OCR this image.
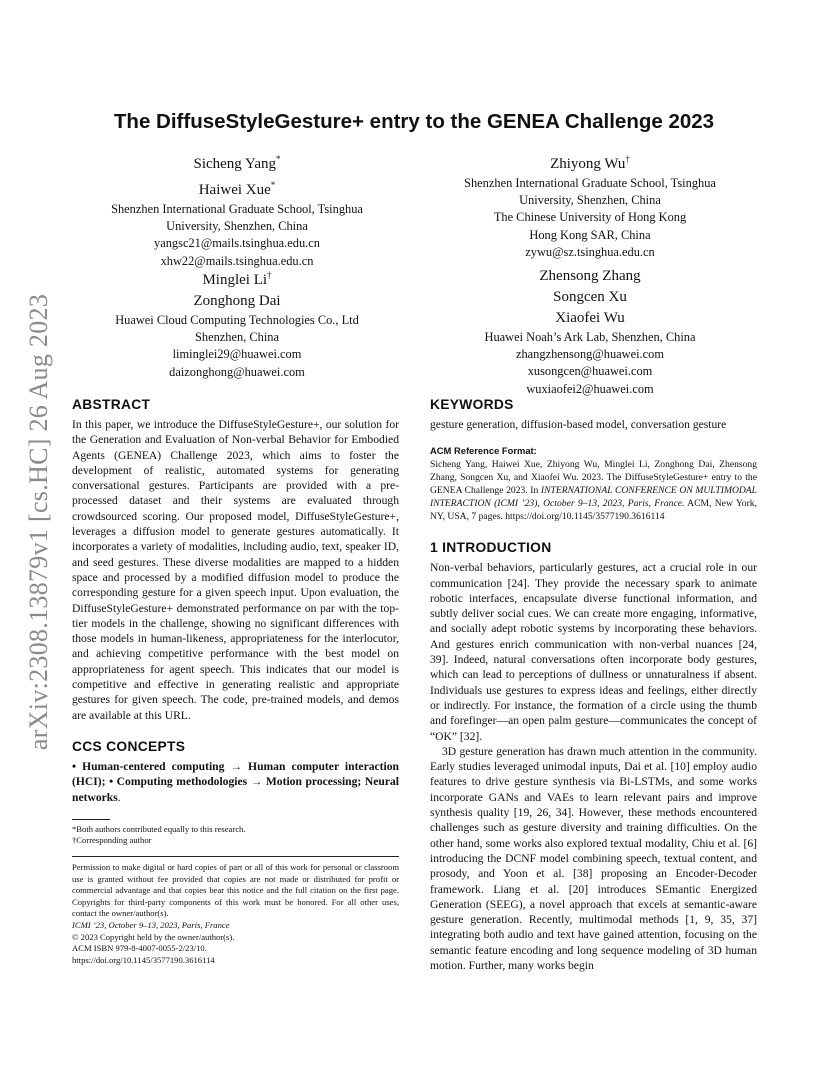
The DiffuseStyleGesture+ entry to the GENEA Challenge 2023
arXiv:2308.13879v1 [cs.HC] 26 Aug 2023
Sicheng Yang*
Haiwei Xue*
Shenzhen International Graduate School, Tsinghua
University, Shenzhen, China
yangsc21@mails.tsinghua.edu.cn
xhw22@mails.tsinghua.edu.cn
Minglei Li†
Zonghong Dai
Huawei Cloud Computing Technologies Co., Ltd
Shenzhen, China
liminglei29@huawei.com
daizonghong@huawei.com
Zhiyong Wu†
Shenzhen International Graduate School, Tsinghua
University, Shenzhen, China
The Chinese University of Hong Kong
Hong Kong SAR, China
zywu@sz.tsinghua.edu.cn
Zhensong Zhang
Songcen Xu
Xiaofei Wu
Huawei Noah’s Ark Lab, Shenzhen, China
zhangzhensong@huawei.com
xusongcen@huawei.com
wuxiaofei2@huawei.com
ABSTRACT

In this paper, we introduce the DiffuseStyleGesture+, our solution for the Generation and Evaluation of Non-verbal Behavior for Embodied Agents (GENEA) Challenge 2023, which aims to foster the development of realistic, automated systems for generating conversational gestures. Participants are provided with a pre-processed dataset and their systems are evaluated through crowdsourced scoring. Our proposed model, DiffuseStyleGesture+, leverages a diffusion model to generate gestures automatically. It incorporates a variety of modalities, including audio, text, speaker ID, and seed gestures. These diverse modalities are mapped to a hidden space and processed by a modified diffusion model to produce the corresponding gesture for a given speech input. Upon evaluation, the DiffuseStyleGesture+ demonstrated performance on par with the top-tier models in the challenge, showing no significant differences with those models in human-likeness, appropriateness for the interlocutor, and achieving competitive performance with the best model on appropriateness for agent speech. This indicates that our model is competitive and effective in generating realistic and appropriate gestures for given speech. The code, pre-trained models, and demos are available at this URL.

CCS CONCEPTS

• Human-centered computing → Human computer interaction (HCI); • Computing methodologies → Motion processing; Neural networks.

*Both authors contributed equally to this research.
†Corresponding author

Permission to make digital or hard copies of part or all of this work for personal or classroom use is granted without fee provided that copies are not made or distributed for profit or commercial advantage and that copies bear this notice and the full citation on the first page. Copyrights for third-party components of this work must be honored. For all other uses, contact the owner/author(s).

ICMI ’23, October 9–13, 2023, Paris, France
© 2023 Copyright held by the owner/author(s).
ACM ISBN 979-8-4007-0055-2/23/10.
https://doi.org/10.1145/3577190.3616114
KEYWORDS

gesture generation, diffusion-based model, conversation gesture

ACM Reference Format:

Sicheng Yang, Haiwei Xue, Zhiyong Wu, Minglei Li, Zonghong Dai, Zhensong Zhang, Songcen Xu, and Xiaofei Wu. 2023. The DiffuseStyleGesture+ entry to the GENEA Challenge 2023. In INTERNATIONAL CONFERENCE ON MULTIMODAL INTERACTION (ICMI ’23), October 9–13, 2023, Paris, France. ACM, New York, NY, USA, 7 pages. https://doi.org/10.1145/3577190.3616114

1 INTRODUCTION

Non-verbal behaviors, particularly gestures, act a crucial role in our communication [24]. They provide the necessary spark to animate robotic interfaces, encapsulate diverse functional information, and subtly deliver social cues. We can create more engaging, informative, and socially adept robotic systems by incorporating these behaviors. And gestures enrich communication with non-verbal nuances [24, 39]. Indeed, natural conversations often incorporate body gestures, which can lead to perceptions of dullness or unnaturalness if absent. Individuals use gestures to express ideas and feelings, either directly or indirectly. For instance, the formation of a circle using the thumb and forefinger—an open palm gesture—communicates the concept of “OK” [32].

3D gesture generation has drawn much attention in the community. Early studies leveraged unimodal inputs, Dai et al. [10] employ audio features to drive gesture synthesis via Bi-LSTMs, and some works incorporate GANs and VAEs to learn relevant pairs and improve synthesis quality [19, 26, 34]. However, these methods encountered challenges such as gesture diversity and training difficulties. On the other hand, some works also explored textual modality, Chiu et al. [6] introducing the DCNF model combining speech, textual content, and prosody, and Yoon et al. [38] proposing an Encoder-Decoder framework. Liang et al. [20] introduces SEmantic Energized Generation (SEEG), a novel approach that excels at semantic-aware gesture generation. Recently, multimodal methods [1, 9, 35, 37] integrating both audio and text have gained attention, focusing on the semantic feature encoding and long sequence modeling of 3D human motion. Further, many works begin
